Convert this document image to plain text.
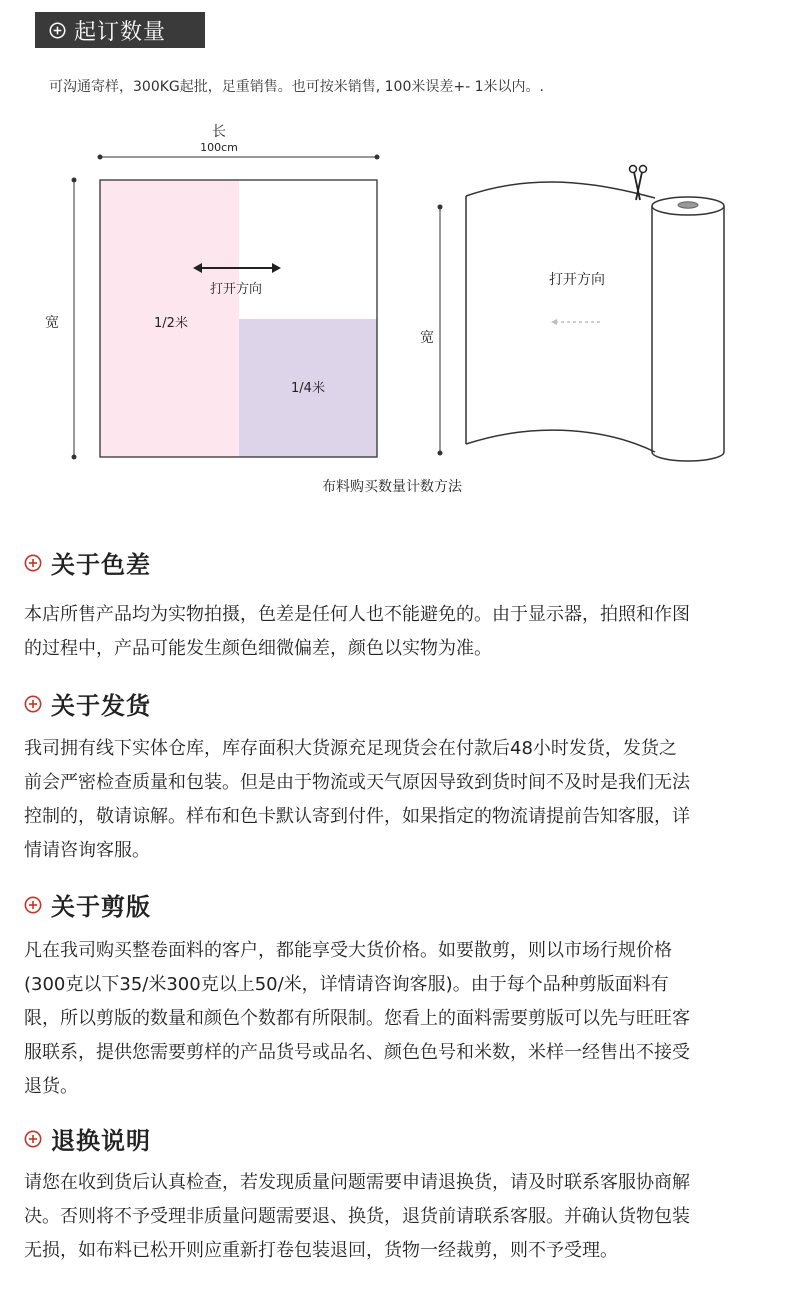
起订数量
可沟通寄样，300KG起批，足重销售。也可按米销售, 100米误差+- 1米以内。.
长
100cm
宽
打开方向
1/2米
1/4米
宽
打开方向
布料购买数量计数方法
关于色差
本店所售产品均为实物拍摄，色差是任何人也不能避免的。由于显示器，拍照和作图
的过程中，产品可能发生颜色细微偏差，颜色以实物为准。
关于发货
我司拥有线下实体仓库，库存面积大货源充足现货会在付款后48小时发货，发货之
前会严密检查质量和包装。但是由于物流或天气原因导致到货时间不及时是我们无法
控制的，敬请谅解。样布和色卡默认寄到付件，如果指定的物流请提前告知客服，详
情请咨询客服。
关于剪版
凡在我司购买整卷面料的客户，都能享受大货价格。如要散剪，则以市场行规价格
(300克以下35/米300克以上50/米，详情请咨询客服)。由于每个品种剪版面料有
限，所以剪版的数量和颜色个数都有所限制。您看上的面料需要剪版可以先与旺旺客
服联系，提供您需要剪样的产品货号或品名、颜色色号和米数，米样一经售出不接受
退货。
退换说明
请您在收到货后认真检查，若发现质量问题需要申请退换货，请及时联系客服协商解
决。否则将不予受理非质量问题需要退、换货，退货前请联系客服。并确认货物包装
无损，如布料已松开则应重新打卷包装退回，货物一经裁剪，则不予受理。
